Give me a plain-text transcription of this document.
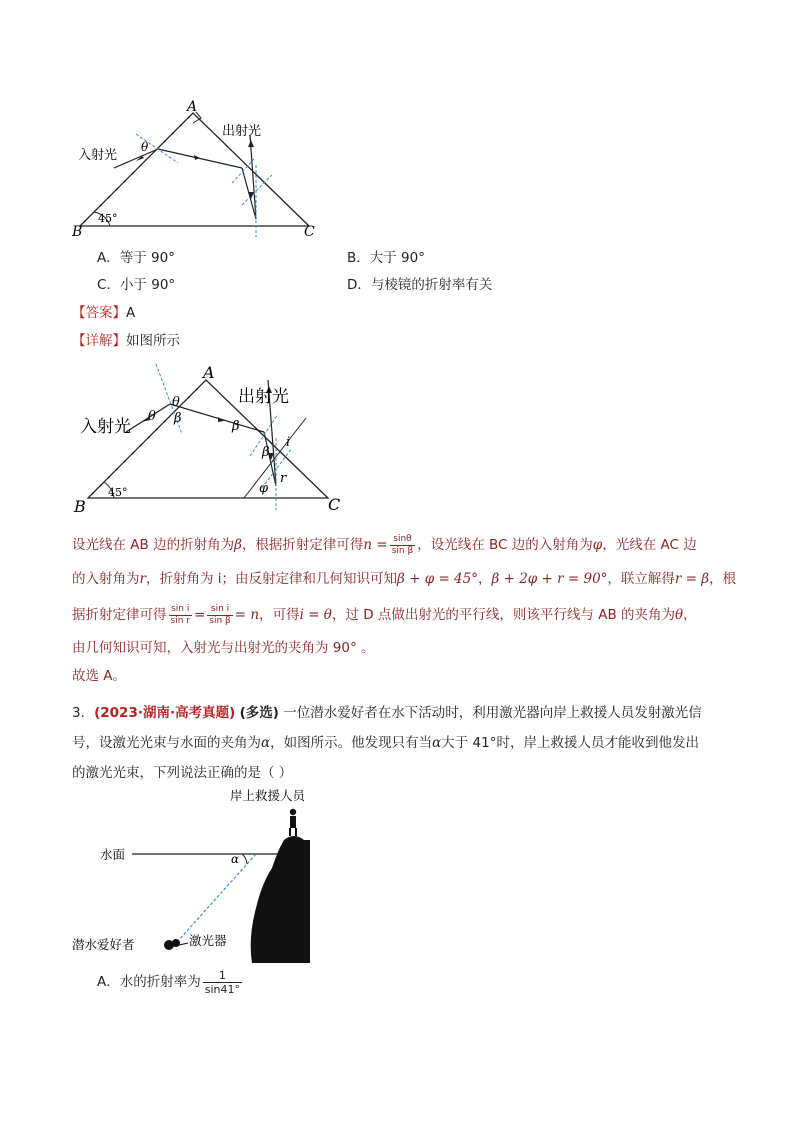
A
B	C
45°
θ
入射光
出射光
A．等于 90°	B．大于 90°
C．小于 90°	D．与棱镜的折射率有关
【答案】A
【详解】如图所示
A
B	C
45°
θ
θ
β
β
β
i
r
φ
入射光
出射光
设光线在 AB 边的折射角为β，根据折射定律可得$n = \frac{\sin\theta}{\text{sin β}}$ ，设光线在 BC 边的入射角为φ，光线在 AC 边
的入射角为r，折射角为 i；由反射定律和几何知识可知β + φ = 45°，β + 2φ + r = 90°，联立解得r = β，根
据折射定律可得 $\frac{\text{sin i}}{\text{sin r}} = \frac{\text{sin i}}{\text{sin β}} = n$，可得i = θ，过 D 点做出射光的平行线，则该平行线与 AB 的夹角为θ，
由几何知识可知，入射光与出射光的夹角为 90° 。
故选 A。
3．(2023·湖南·高考真题) (多选) 一位潜水爱好者在水下活动时，利用激光器向岸上救援人员发射激光信
号，设激光光束与水面的夹角为α，如图所示。他发现只有当α大于 41°时，岸上救援人员才能收到他发出
的激光光束，下列说法正确的是（ ）
α
岸上救援人员
水面
潜水爱好者	激光器
A．水的折射率为 $\frac{1}{\sin 41^\circ}$
